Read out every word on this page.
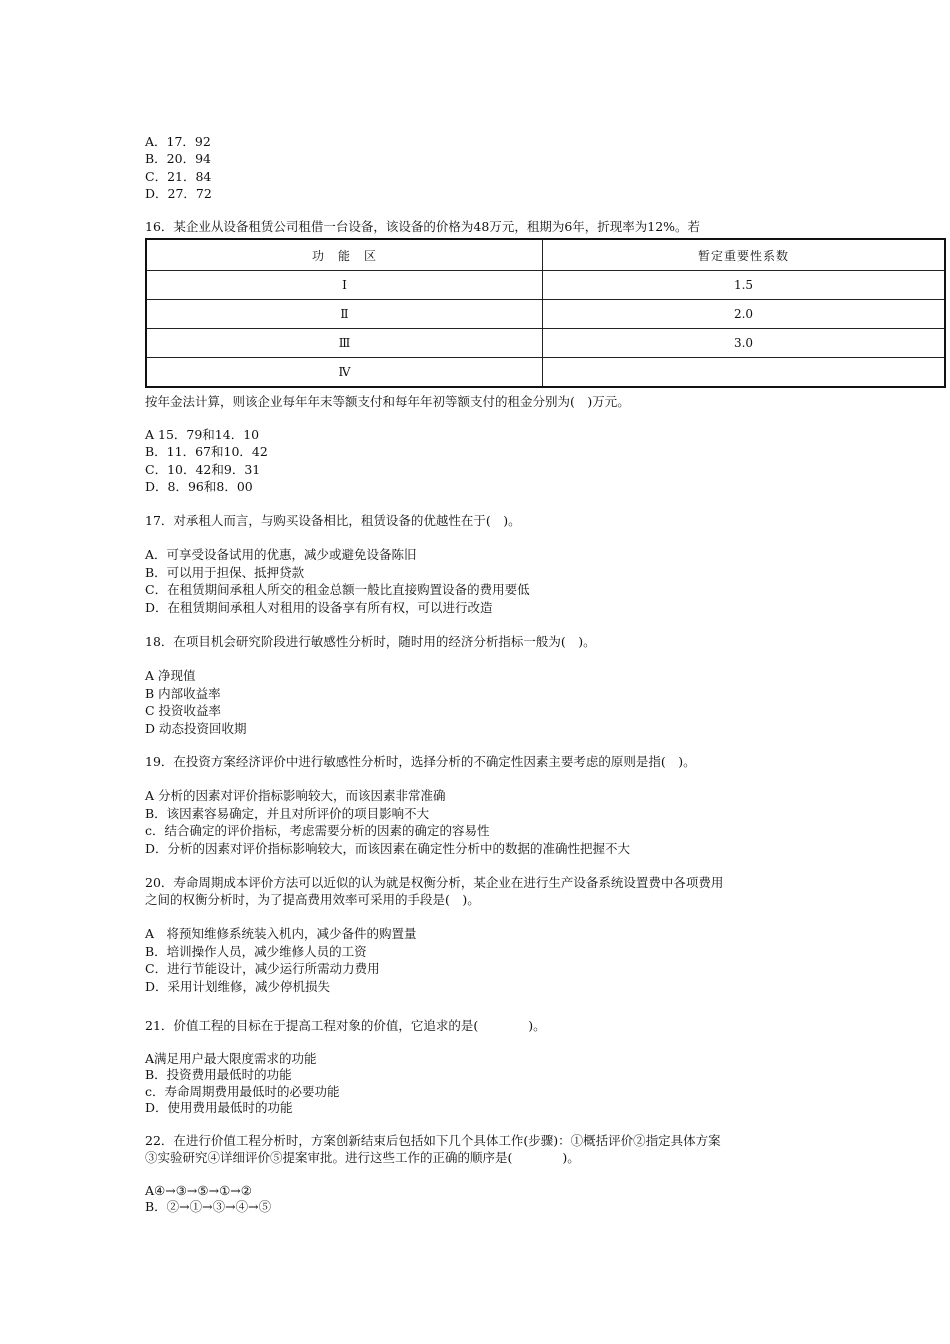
A．17．92
B．20．94
C．21．84
D．27．72
16．某企业从设备租赁公司租借一台设备，该设备的价格为48万元，租期为6年，折现率为12%。若
功　能　区	暂定重要性系数
Ⅰ	1.5
Ⅱ	2.0
Ⅲ	3.0
Ⅳ	
按年金法计算，则该企业每年年末等额支付和每年年初等额支付的租金分别为(　)万元。
A 15．79和14．10
B．11．67和10．42
C．10．42和9．31
D．8．96和8．00
17．对承租人而言，与购买设备相比，租赁设备的优越性在于(　)。
A．可享受设备试用的优惠，减少或避免设备陈旧
B．可以用于担保、抵押贷款
C．在租赁期间承租人所交的租金总额一般比直接购置设备的费用要低
D．在租赁期间承租人对租用的设备享有所有权，可以进行改造
18．在项目机会研究阶段进行敏感性分析时，随时用的经济分析指标一般为(　)。
A 净现值
B 内部收益率
C 投资收益率
D 动态投资回收期
19．在投资方案经济评价中进行敏感性分析时，选择分析的不确定性因素主要考虑的原则是指(　)。
A 分析的因素对评价指标影响较大，而该因素非常准确
B．该因素容易确定，并且对所评价的项目影响不大
c．结合确定的评价指标，考虑需要分析的因素的确定的容易性
D．分析的因素对评价指标影响较大，而该因素在确定性分析中的数据的准确性把握不大
20．寿命周期成本评价方法可以近似的认为就是权衡分析，某企业在进行生产设备系统设置费中各项费用
之间的权衡分析时，为了提高费用效率可采用的手段是(　)。
A　将预知维修系统装入机内，减少备件的购置量
B．培训操作人员，减少维修人员的工资
C．进行节能设计，减少运行所需动力费用
D．采用计划维修，减少停机损失
21．价值工程的目标在于提高工程对象的价值，它追求的是(　　　　)。
A满足用户最大限度需求的功能
B．投资费用最低时的功能
c．寿命周期费用最低时的必要功能
D．使用费用最低时的功能
22．在进行价值工程分析时，方案创新结束后包括如下几个具体工作(步骤)：①概括评价②指定具体方案
③实验研究④详细评价⑤提案审批。进行这些工作的正确的顺序是(　　　　)。
A④→③→⑤→①→②
B．②→①→③→④→⑤
